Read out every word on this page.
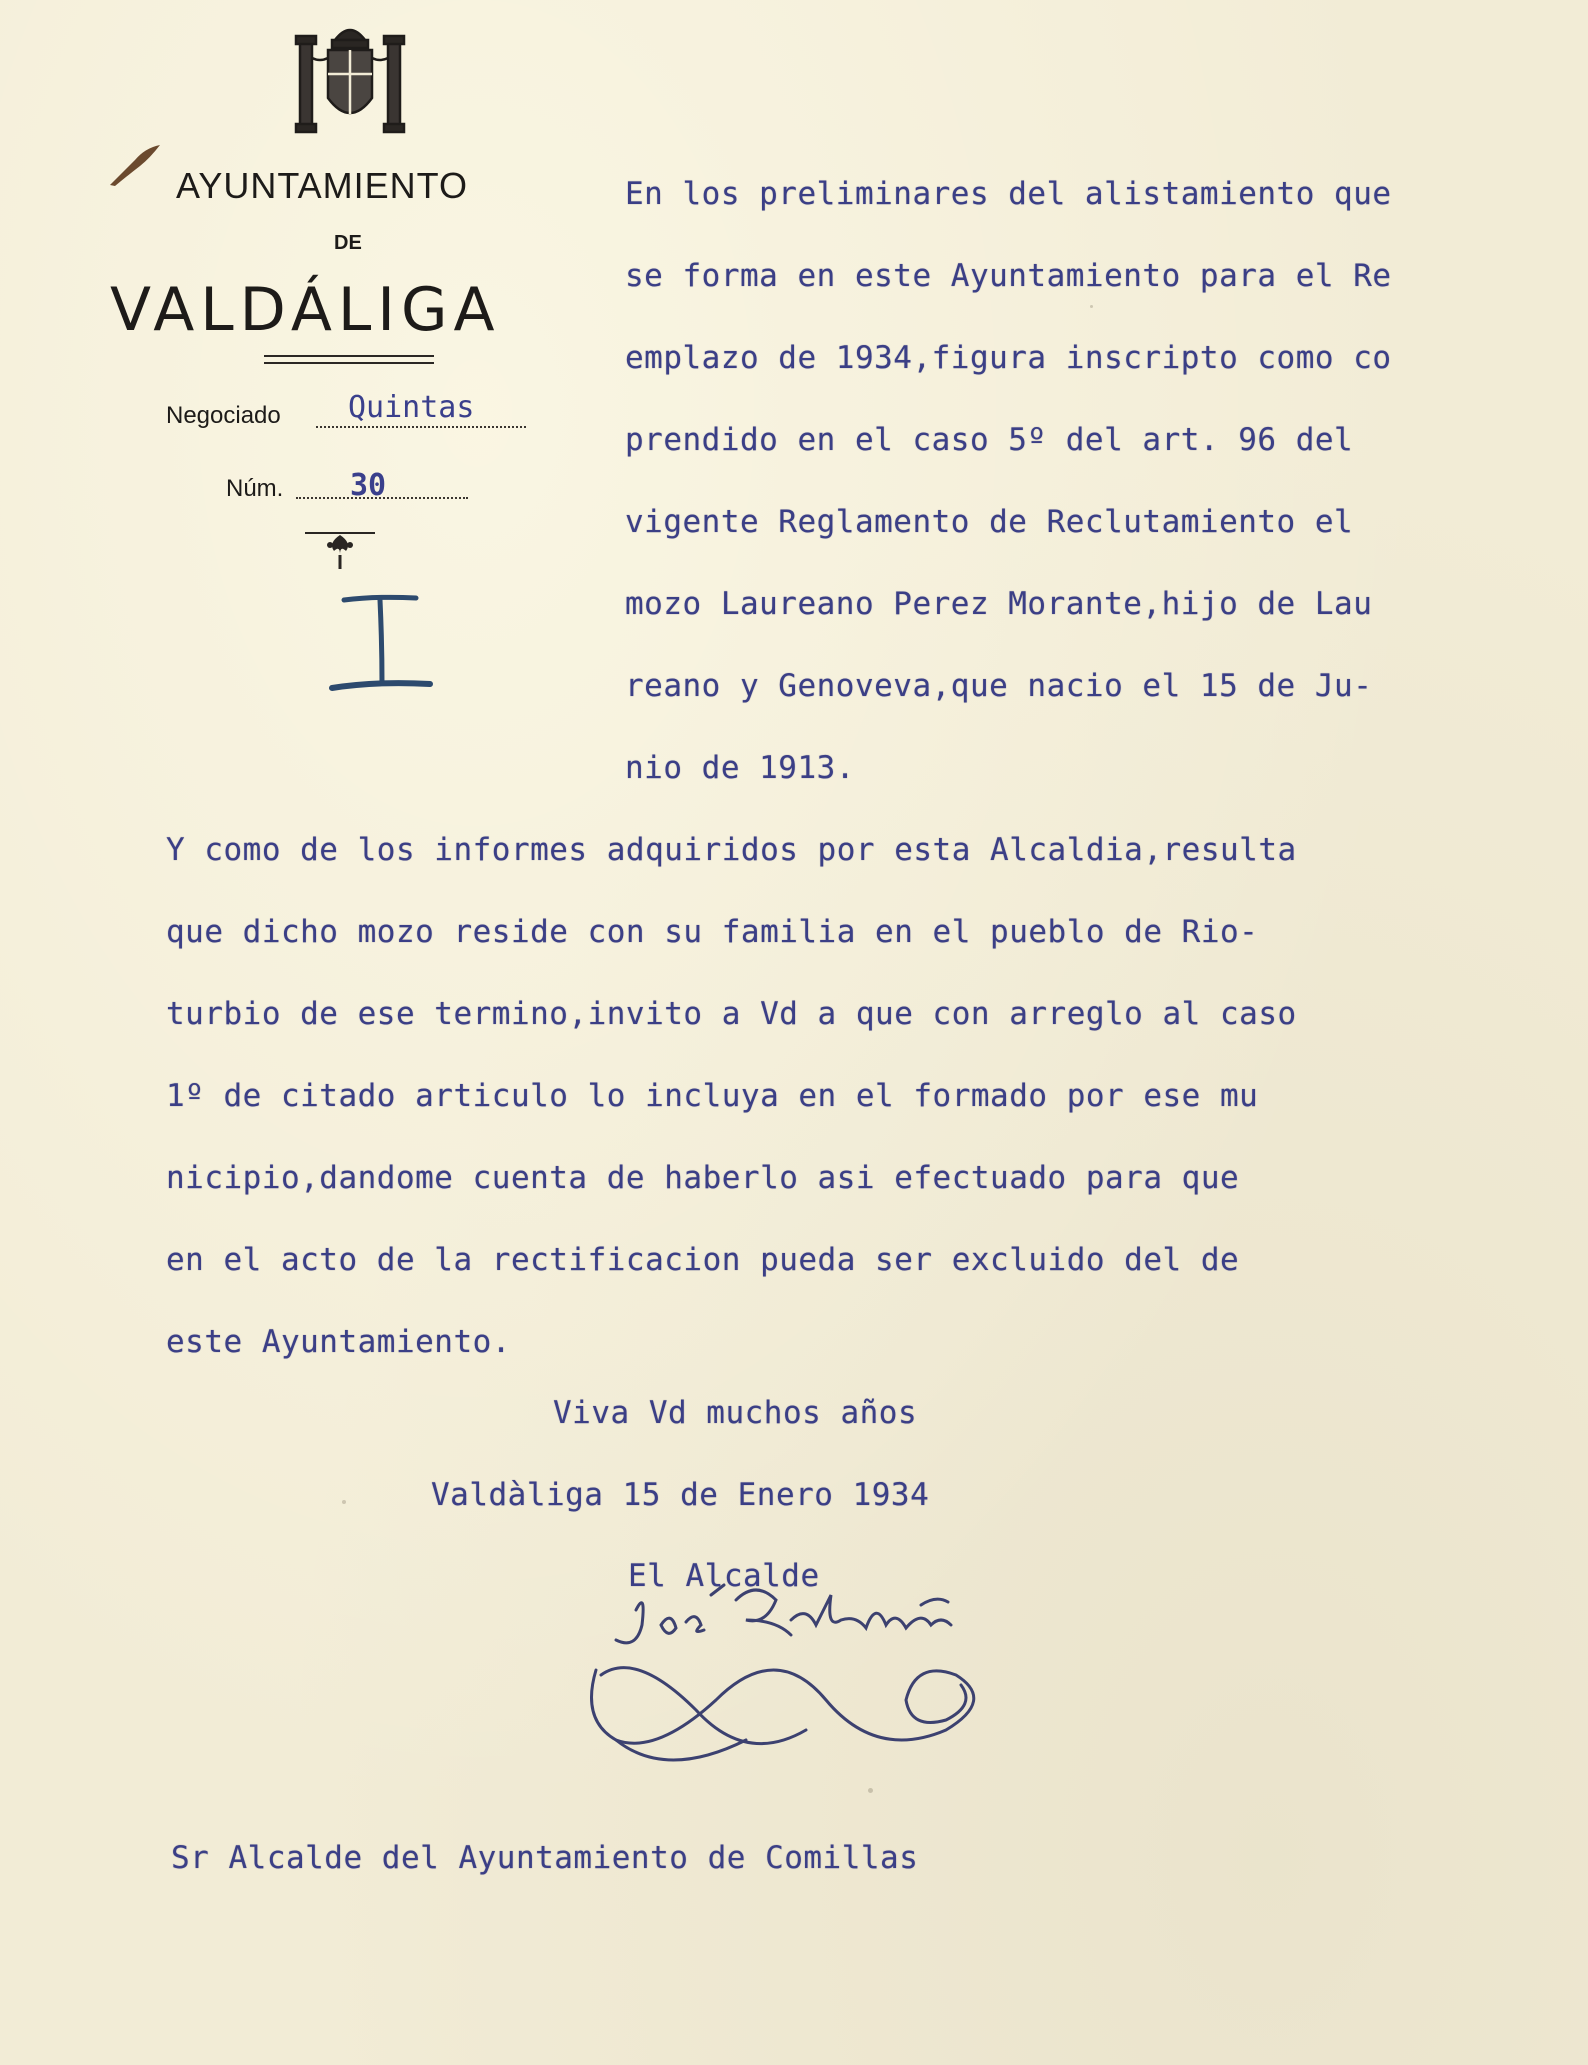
AYUNTAMIENTO
DE
VALDÁLIGA
Negociado Quintas
Núm. 30
En los preliminares del alistamiento que
se forma en este Ayuntamiento para el Re
emplazo de 1934,figura inscripto como co
prendido en el caso 5º del art. 96 del
vigente Reglamento de Reclutamiento el
mozo Laureano Perez Morante,hijo de Lau
reano y Genoveva,que nacio el 15 de Ju-
nio de 1913.
Y como de los informes adquiridos por esta Alcaldia,resulta
que dicho mozo reside con su familia en el pueblo de Rio-
turbio de ese termino,invito a Vd a que con arreglo al caso
1º de citado articulo lo incluya en el formado por ese mu
nicipio,dandome cuenta de haberlo asi efectuado para que
en el acto de la rectificacion pueda ser excluido del de
este Ayuntamiento.
Viva Vd muchos años
Valdàliga 15 de Enero 1934
El Alcalde
Sr Alcalde del Ayuntamiento de Comillas
